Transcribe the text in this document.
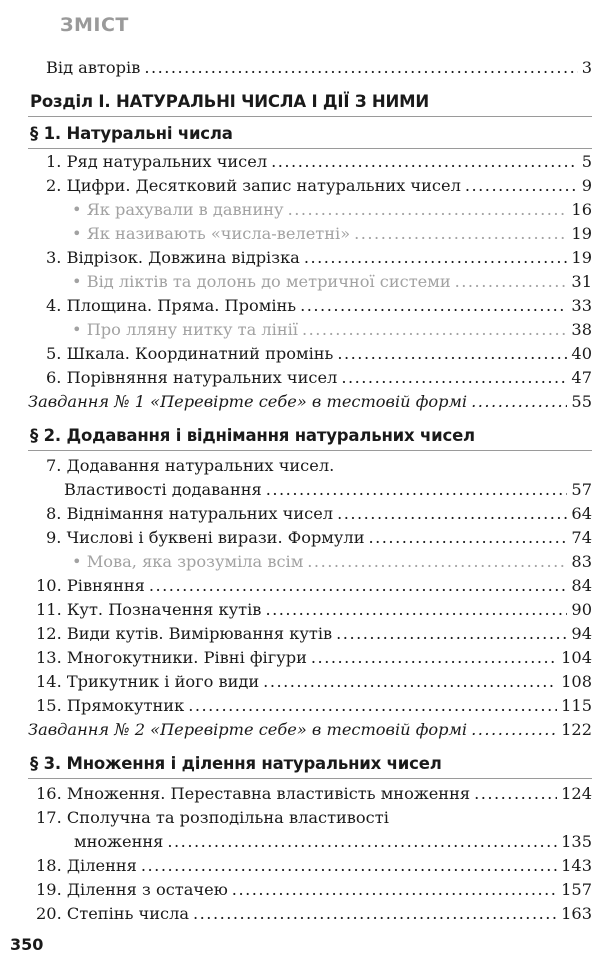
ЗМІСТ
Від авторів .....	3
Розділ I. НАТУРАЛЬНІ ЧИСЛА І ДІЇ З НИМИ
§ 1. Натуральні числа
1. Ряд натуральних чисел .....	5
2. Цифри. Десятковий запис натуральних чисел .....	9
• Як рахували в давнину .....	16
• Як називають «числа-велетні» .....	19
3. Відрізок. Довжина відрізка .....	19
• Від ліктів та долонь до метричної системи .....	31
4. Площина. Пряма. Промінь .....	33
• Про лляну нитку та лінії .....	38
5. Шкала. Координатний промінь .....	40
6. Порівняння натуральних чисел .....	47
Завдання № 1 «Перевірте себе» в тестовій формі .....	55
§ 2. Додавання і віднімання натуральних чисел
7. Додавання натуральних чисел.
Властивості додавання .....	57
8. Віднімання натуральних чисел .....	64
9. Числові і буквені вирази. Формули .....	74
• Мова, яка зрозуміла всім .....	83
10. Рівняння .....	84
11. Кут. Позначення кутів .....	90
12. Види кутів. Вимірювання кутів .....	94
13. Многокутники. Рівні фігури .....	104
14. Трикутник і його види .....	108
15. Прямокутник .....	115
Завдання № 2 «Перевірте себе» в тестовій формі .....	122
§ 3. Множення і ділення натуральних чисел
16. Множення. Переставна властивість множення .....	124
17. Сполучна та розподільна властивості
множення .....	135
18. Ділення .....	143
19. Ділення з остачею .....	157
20. Степінь числа .....	163
350
